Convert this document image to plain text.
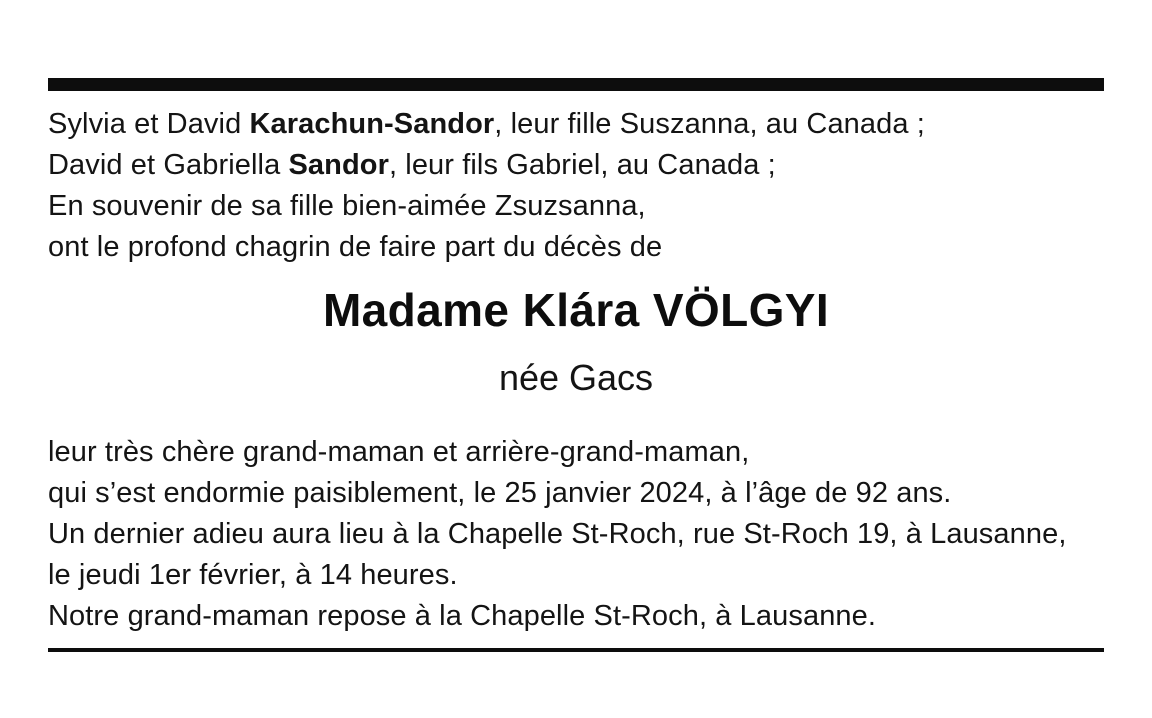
Sylvia et David Karachun-Sandor, leur fille Suszanna, au Canada ;
David et Gabriella Sandor, leur fils Gabriel, au Canada ;
En souvenir de sa fille bien-aimée Zsuzsanna,
ont le profond chagrin de faire part du décès de
Madame Klára VÖLGYI
née Gacs
leur très chère grand-maman et arrière-grand-maman,
qui s’est endormie paisiblement, le 25 janvier 2024, à l’âge de 92 ans.
Un dernier adieu aura lieu à la Chapelle St-Roch, rue St-Roch 19, à Lausanne,
le jeudi 1er février, à 14 heures.
Notre grand-maman repose à la Chapelle St-Roch, à Lausanne.
